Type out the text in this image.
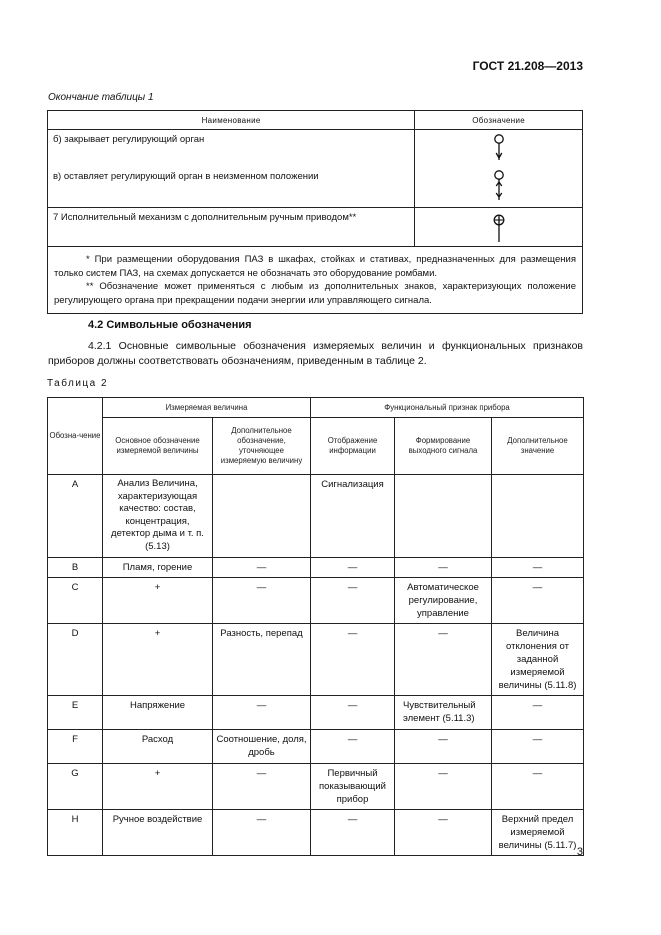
ГОСТ 21.208—2013
Окончание таблицы 1
Наименование	Обозначение
б) закрывает регулирующий орган	

в) оставляет регулирующий орган в неизменном положении	
7 Исполнительный механизм с дополнительным ручным приводом**	

* При размещении оборудования ПАЗ в шкафах, стойках и стативах, предназначенных для размещения только систем ПАЗ, на схемах допускается не обозначать это оборудование ромбами.

** Обозначение может применяться с любым из дополнительных знаков, характеризующих положение регулирующего органа при прекращении подачи энергии или управляющего сигнала.	

4.2 Символьные обозначения
4.2.1 Основные символьные обозначения измеряемых величин и функциональных признаков приборов должны соответствовать обозначениям, приведенным в таблице 2.
Таблица 2
Обозна-чение	Измеряемая величина		Функциональный признак прибора		
	Основное обозначение измеряемой величины	Дополнительное обозначение, уточняющее измеряемую величину	Отображение информации	Формирование выходного сигнала	Дополнительное значение
A	Анализ Величина, характеризующая качество: состав, концентрация, детектор дыма и т. п. (5.13)		Сигнализация		
B	Пламя, горение	—	—	—	—
C	+	—	—	Автоматическое регулирование, управление	—
D	+	Разность, перепад	—	—	Величина отклонения от заданной измеряемой величины (5.11.8)
E	Напряжение	—	—	Чувствительный элемент (5.11.3)	—
F	Расход	Соотношение, доля, дробь	—	—	—
G	+	—	Первичный показывающий прибор	—	—
H	Ручное воздействие	—	—	—	Верхний предел измеряемой величины (5.11.7)
3
